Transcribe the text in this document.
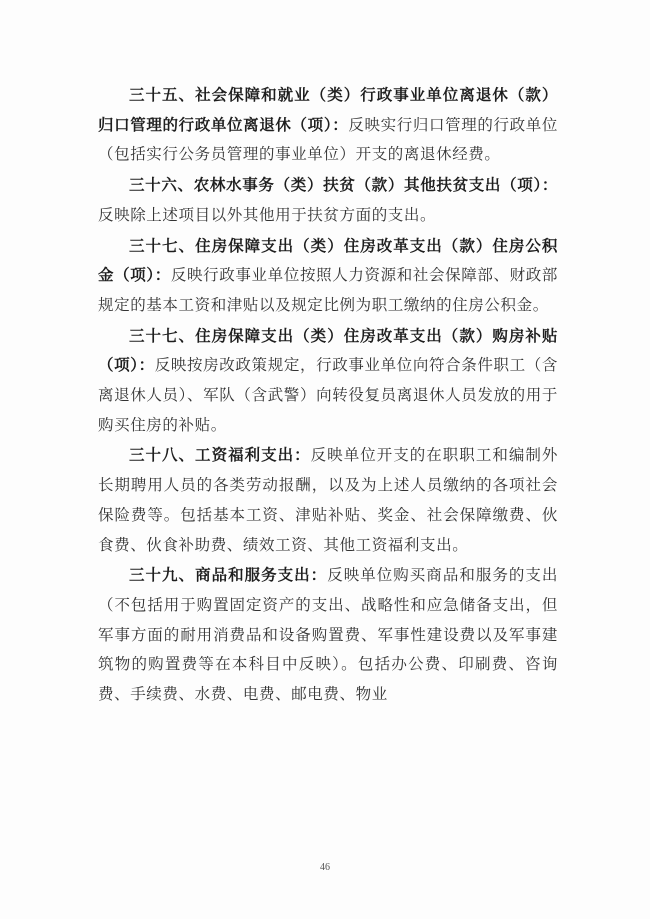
三十五、社会保障和就业（类）行政事业单位离退休（款）归口管理的行政单位离退休（项）：反映实行归口管理的行政单位（包括实行公务员管理的事业单位）开支的离退休经费。

三十六、农林水事务（类）扶贫（款）其他扶贫支出（项）：反映除上述项目以外其他用于扶贫方面的支出。

三十七、住房保障支出（类）住房改革支出（款）住房公积金（项）：反映行政事业单位按照人力资源和社会保障部、财政部规定的基本工资和津贴以及规定比例为职工缴纳的住房公积金。

三十七、住房保障支出（类）住房改革支出（款）购房补贴（项）：反映按房改政策规定，行政事业单位向符合条件职工（含离退休人员）、军队（含武警）向转役复员离退休人员发放的用于购买住房的补贴。

三十八、工资福利支出：反映单位开支的在职职工和编制外长期聘用人员的各类劳动报酬，以及为上述人员缴纳的各项社会保险费等。包括基本工资、津贴补贴、奖金、社会保障缴费、伙食费、伙食补助费、绩效工资、其他工资福利支出。

三十九、商品和服务支出：反映单位购买商品和服务的支出（不包括用于购置固定资产的支出、战略性和应急储备支出，但军事方面的耐用消费品和设备购置费、军事性建设费以及军事建筑物的购置费等在本科目中反映）。包括办公费、印刷费、咨询费、手续费、水费、电费、邮电费、物业

46
